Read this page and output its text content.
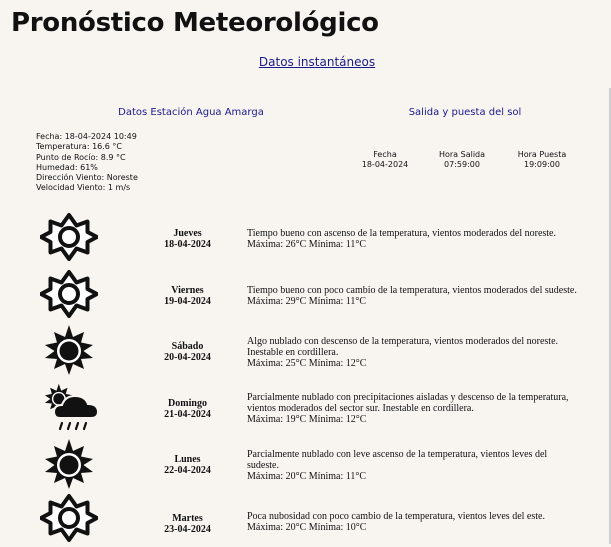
Pronóstico Meteorológico
Datos instantáneos
Datos Estación Agua Amarga	Salida y puesta del sol
Fecha: 18-04-2024 10:49
Temperatura: 16.6 °C
Punto de Rocío: 8.9 °C
Humedad: 61%
Dirección Viento: Noreste
Velocidad Viento: 1 m/s
Fecha
18-04-2024
Hora Salida
07:59:00
Hora Puesta
19:09:00
Jueves
18-04-2024
Tiempo bueno con ascenso de la temperatura, vientos moderados del noreste.
Máxima: 26°C Mínima: 11°C
Viernes
19-04-2024
Tiempo bueno con poco cambio de la temperatura, vientos moderados del sudeste.
Máxima: 29°C Mínima: 11°C
Sábado
20-04-2024
Algo nublado con descenso de la temperatura, vientos moderados del noreste.
Inestable en cordillera.
Máxima: 25°C Mínima: 12°C
Domingo
21-04-2024
Parcialmente nublado con precipitaciones aisladas y descenso de la temperatura,
vientos moderados del sector sur. Inestable en cordillera.
Máxima: 19°C Mínima: 12°C
Lunes
22-04-2024
Parcialmente nublado con leve ascenso de la temperatura, vientos leves del
sudeste.
Máxima: 20°C Mínima: 11°C
Martes
23-04-2024
Poca nubosidad con poco cambio de la temperatura, vientos leves del este.
Máxima: 20°C Mínima: 10°C
